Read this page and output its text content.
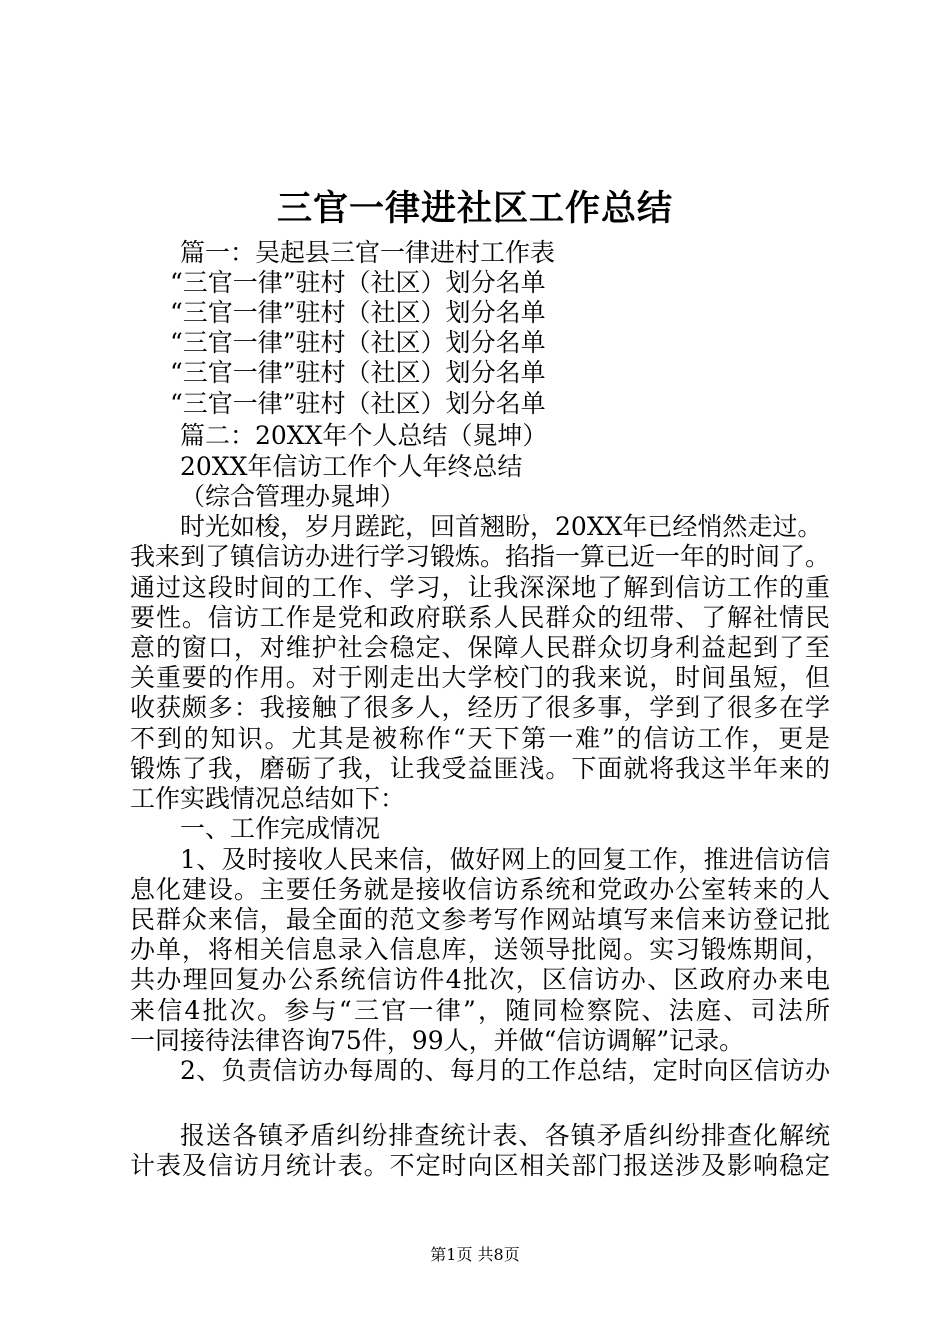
三官一律进社区工作总结
篇一：吴起县三官一律进村工作表
“三官一律”驻村（社区）划分名单
“三官一律”驻村（社区）划分名单
“三官一律”驻村（社区）划分名单
“三官一律”驻村（社区）划分名单
“三官一律”驻村（社区）划分名单
篇二：20XX年个人总结（晁坤）
20XX年信访工作个人年终总结
（综合管理办晁坤）
时光如梭，岁月蹉跎，回首翘盼，20XX年已经悄然走过。
我来到了镇信访办进行学习锻炼。掐指一算已近一年的时间了。
通过这段时间的工作、学习，让我深深地了解到信访工作的重
要性。信访工作是党和政府联系人民群众的纽带、了解社情民
意的窗口，对维护社会稳定、保障人民群众切身利益起到了至
关重要的作用。对于刚走出大学校门的我来说，时间虽短，但
收获颇多：我接触了很多人，经历了很多事，学到了很多在学
不到的知识。尤其是被称作“天下第一难”的信访工作，更是
锻炼了我，磨砺了我，让我受益匪浅。下面就将我这半年来的
工作实践情况总结如下：
一、工作完成情况
1、及时接收人民来信，做好网上的回复工作，推进信访信
息化建设。主要任务就是接收信访系统和党政办公室转来的人
民群众来信，最全面的范文参考写作网站填写来信来访登记批
办单，将相关信息录入信息库，送领导批阅。实习锻炼期间，
共办理回复办公系统信访件4批次，区信访办、区政府办来电
来信4批次。参与“三官一律”，随同检察院、法庭、司法所
一同接待法律咨询75件，99人，并做“信访调解”记录。
2、负责信访办每周的、每月的工作总结，定时向区信访办
报送各镇矛盾纠纷排查统计表、各镇矛盾纠纷排查化解统
计表及信访月统计表。不定时向区相关部门报送涉及影响稳定
第1页 共8页
